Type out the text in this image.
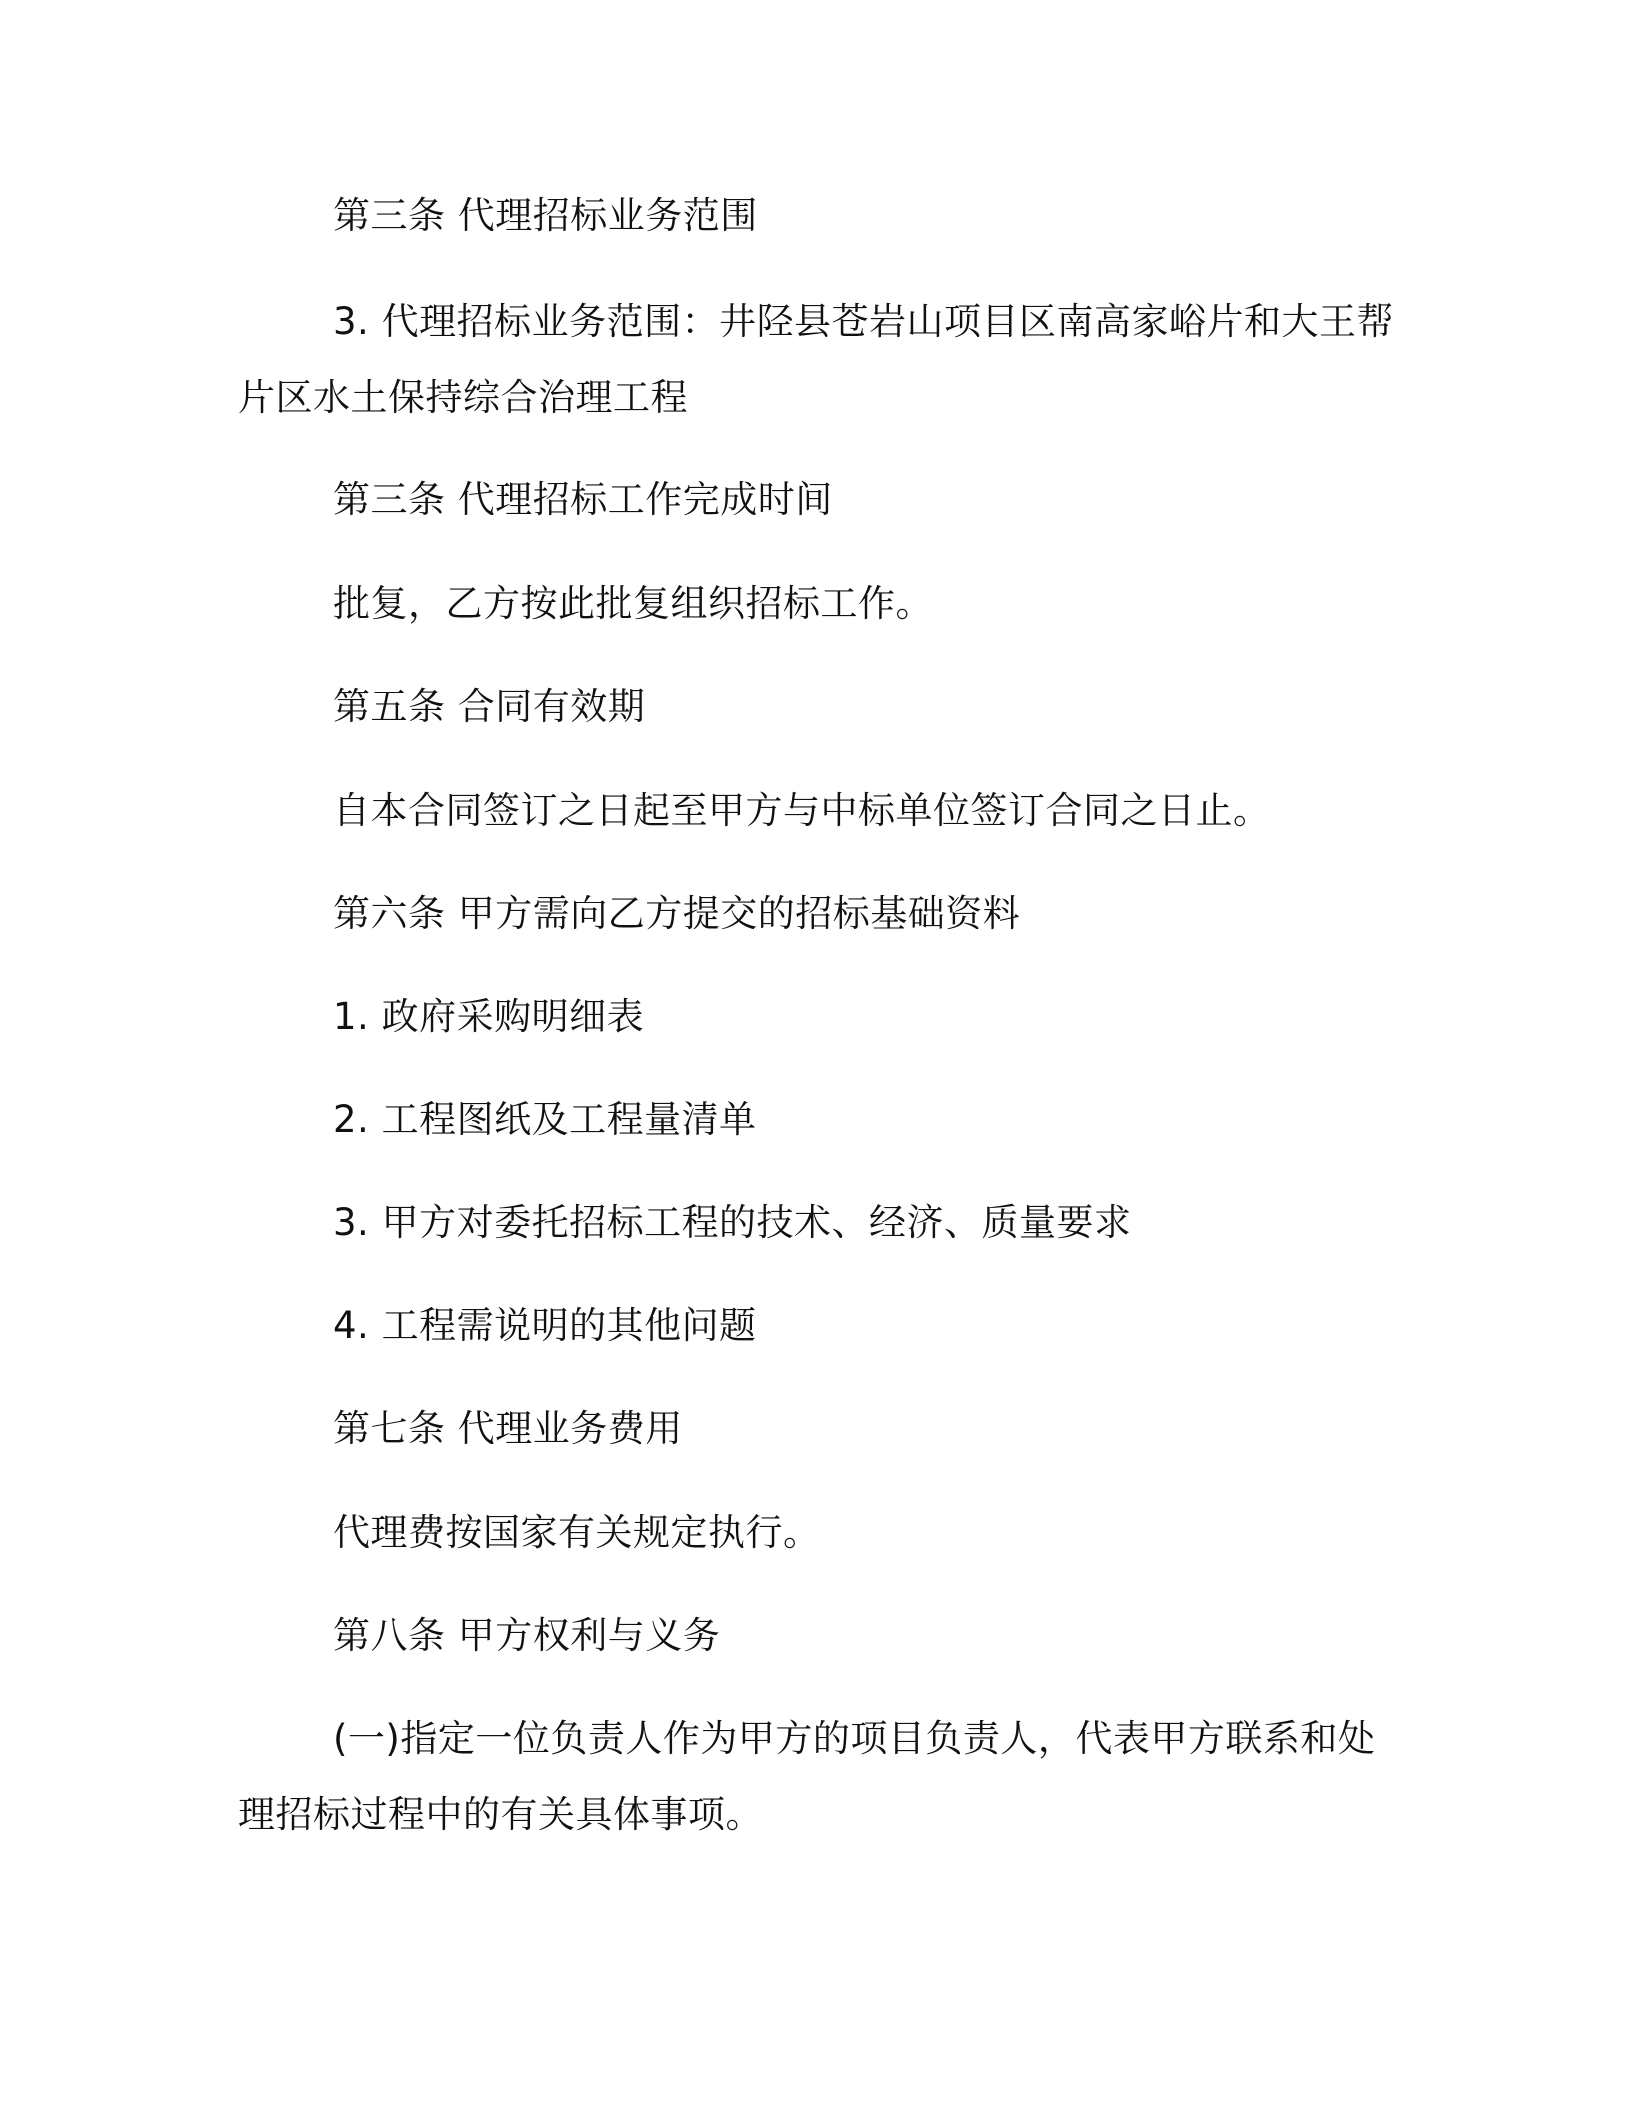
第三条 代理招标业务范围
3. 代理招标业务范围：井陉县苍岩山项目区南高家峪片和大王帮
片区水土保持综合治理工程
第三条 代理招标工作完成时间
批复，乙方按此批复组织招标工作。
第五条 合同有效期
自本合同签订之日起至甲方与中标单位签订合同之日止。
第六条 甲方需向乙方提交的招标基础资料
1. 政府采购明细表
2. 工程图纸及工程量清单
3. 甲方对委托招标工程的技术、经济、质量要求
4. 工程需说明的其他问题
第七条 代理业务费用
代理费按国家有关规定执行。
第八条 甲方权利与义务
(一)指定一位负责人作为甲方的项目负责人，代表甲方联系和处
理招标过程中的有关具体事项。
